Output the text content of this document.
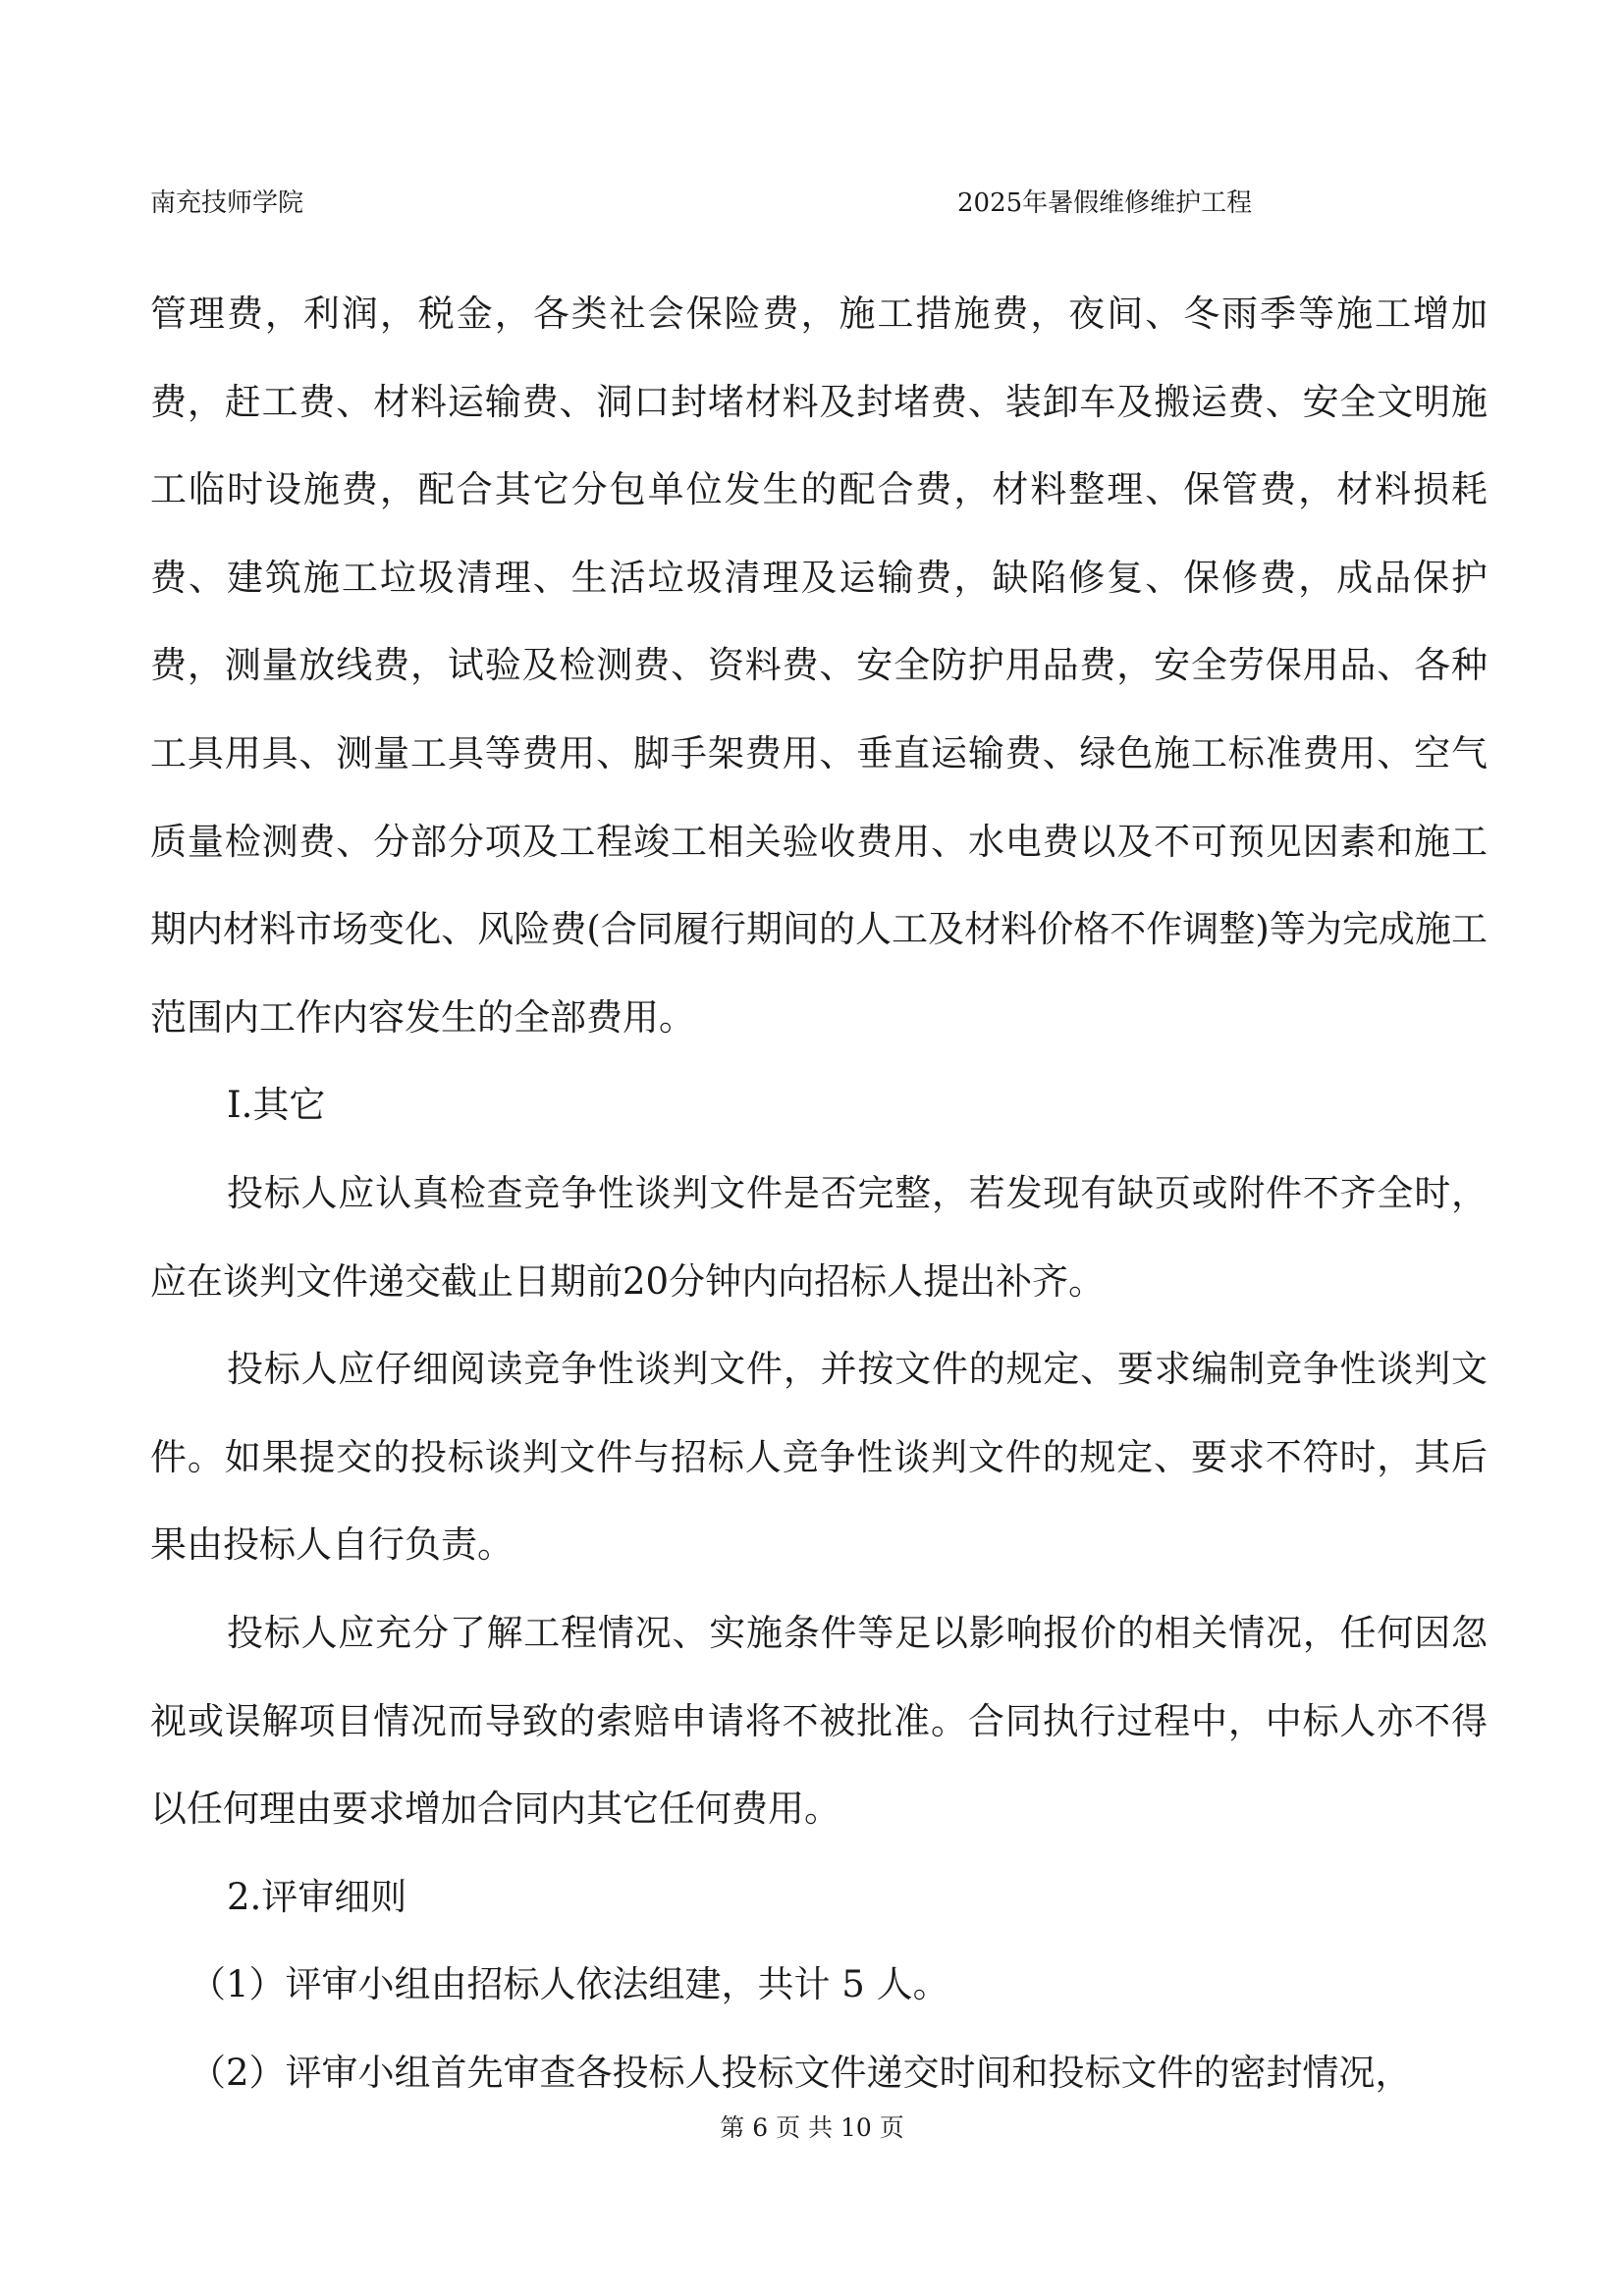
南充技师学院	2025年暑假维修维护工程

管理费，利润，税金，各类社会保险费，施工措施费，夜间、冬雨季等施工增加费，赶工费、材料运输费、洞口封堵材料及封堵费、装卸车及搬运费、安全文明施工临时设施费，配合其它分包单位发生的配合费，材料整理、保管费，材料损耗费、建筑施工垃圾清理、生活垃圾清理及运输费，缺陷修复、保修费，成品保护费，测量放线费，试验及检测费、资料费、安全防护用品费，安全劳保用品、各种工具用具、测量工具等费用、脚手架费用、垂直运输费、绿色施工标准费用、空气质量检测费、分部分项及工程竣工相关验收费用、水电费以及不可预见因素和施工期内材料市场变化、风险费(合同履行期间的人工及材料价格不作调整)等为完成施工范围内工作内容发生的全部费用。

I.其它

投标人应认真检查竞争性谈判文件是否完整，若发现有缺页或附件不齐全时，应在谈判文件递交截止日期前20分钟内向招标人提出补齐。

投标人应仔细阅读竞争性谈判文件，并按文件的规定、要求编制竞争性谈判文件。如果提交的投标谈判文件与招标人竞争性谈判文件的规定、要求不符时，其后果由投标人自行负责。

投标人应充分了解工程情况、实施条件等足以影响报价的相关情况，任何因忽视或误解项目情况而导致的索赔申请将不被批准。合同执行过程中，中标人亦不得以任何理由要求增加合同内其它任何费用。

2.评审细则

（1）评审小组由招标人依法组建，共计 5 人。

（2）评审小组首先审查各投标人投标文件递交时间和投标文件的密封情况，

第 6 页 共 10 页
